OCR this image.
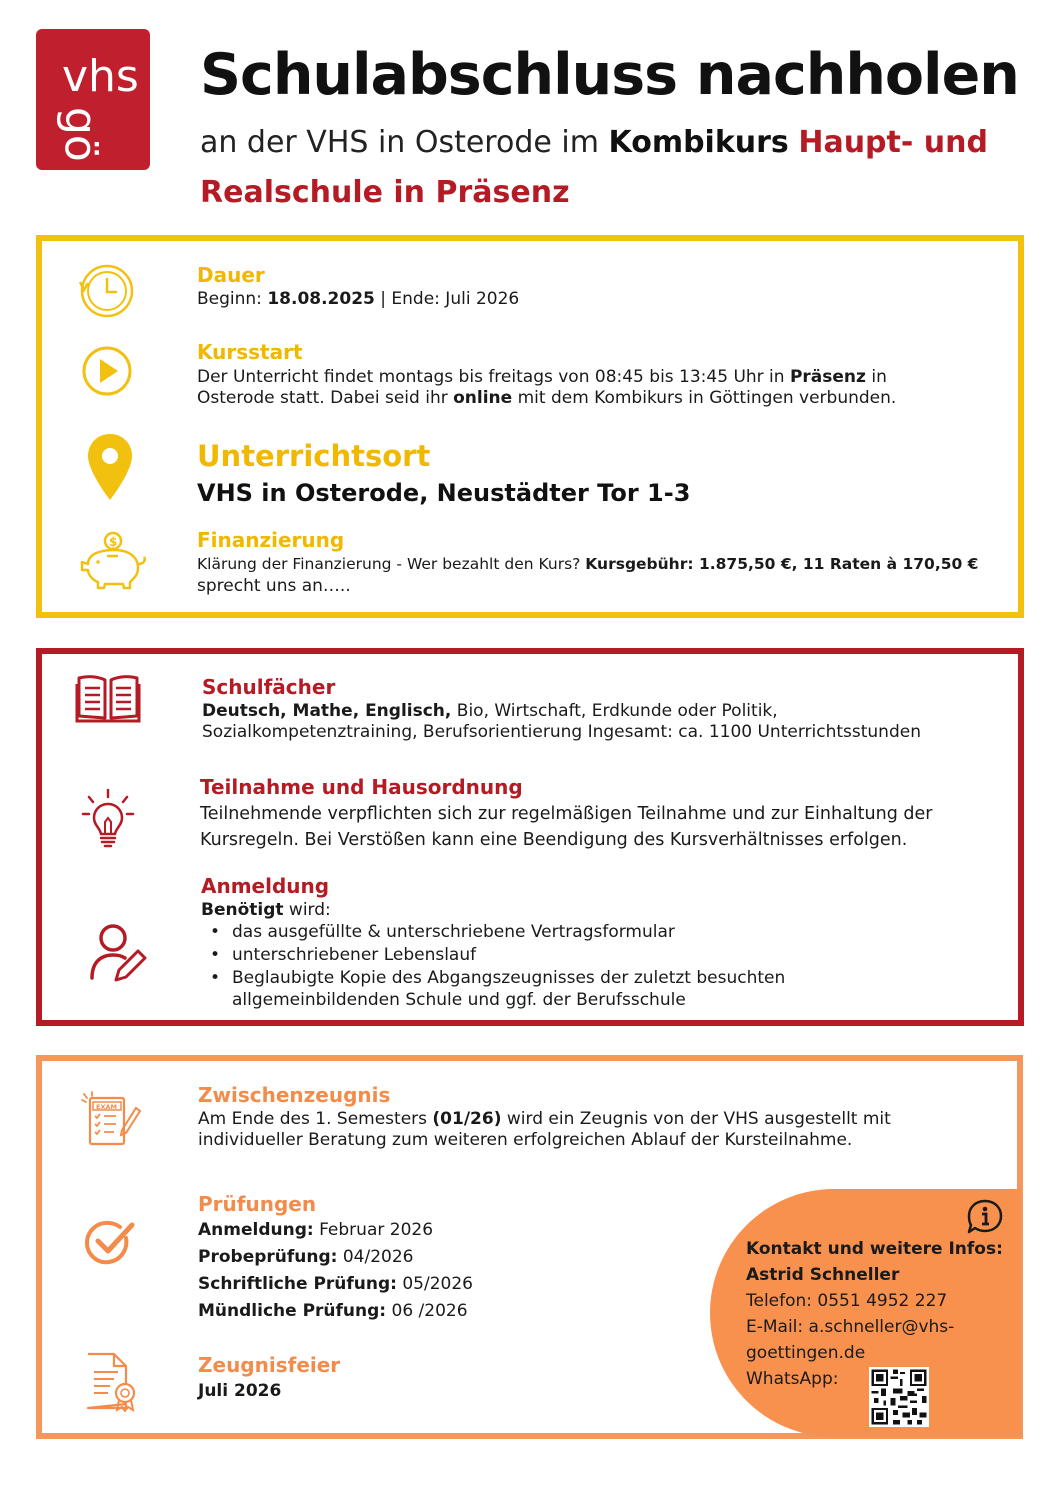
vhs
gö
Schulabschluss nachholen
an der VHS in Osterode im Kombikurs Haupt- und
Realschule in Präsenz
Dauer
Beginn: 18.08.2025 | Ende: Juli 2026
Kursstart
Der Unterricht findet montags bis freitags von 08:45 bis 13:45 Uhr in Präsenz in
Osterode statt. Dabei seid ihr online mit dem Kombikurs in Göttingen verbunden.
Unterrichtsort
VHS in Osterode, Neustädter Tor 1-3
$	Finanzierung
Klärung der Finanzierung - Wer bezahlt den Kurs? Kursgebühr: 1.875,50 €, 11 Raten à 170,50 €
sprecht uns an…..
Schulfächer
Deutsch, Mathe, Englisch, Bio, Wirtschaft, Erdkunde oder Politik,
Sozialkompetenztraining, Berufsorientierung Ingesamt: ca. 1100 Unterrichtsstunden
Teilnahme und Hausordnung
Teilnehmende verpflichten sich zur regelmäßigen Teilnahme und zur Einhaltung der
Kursregeln. Bei Verstößen kann eine Beendigung des Kursverhältnisses erfolgen.
Anmeldung
Benötigt wird:
• das ausgefüllte & unterschriebene Vertragsformular
• unterschriebener Lebenslauf
• Beglaubigte Kopie des Abgangszeugnisses der zuletzt besuchten
allgemeinbildenden Schule und ggf. der Berufsschule
EXAM	Zwischenzeugnis
Am Ende des 1. Semesters (01/26) wird ein Zeugnis von der VHS ausgestellt mit
individueller Beratung zum weiteren erfolgreichen Ablauf der Kursteilnahme.
Prüfungen
Anmeldung: Februar 2026
Probeprüfung: 04/2026
Schriftliche Prüfung: 05/2026
Mündliche Prüfung: 06 /2026
Zeugnisfeier
Juli 2026
Kontakt und weitere Infos:
Astrid Schneller
Telefon: 0551 4952 227
E-Mail: a.schneller@vhs-
goettingen.de
WhatsApp:
